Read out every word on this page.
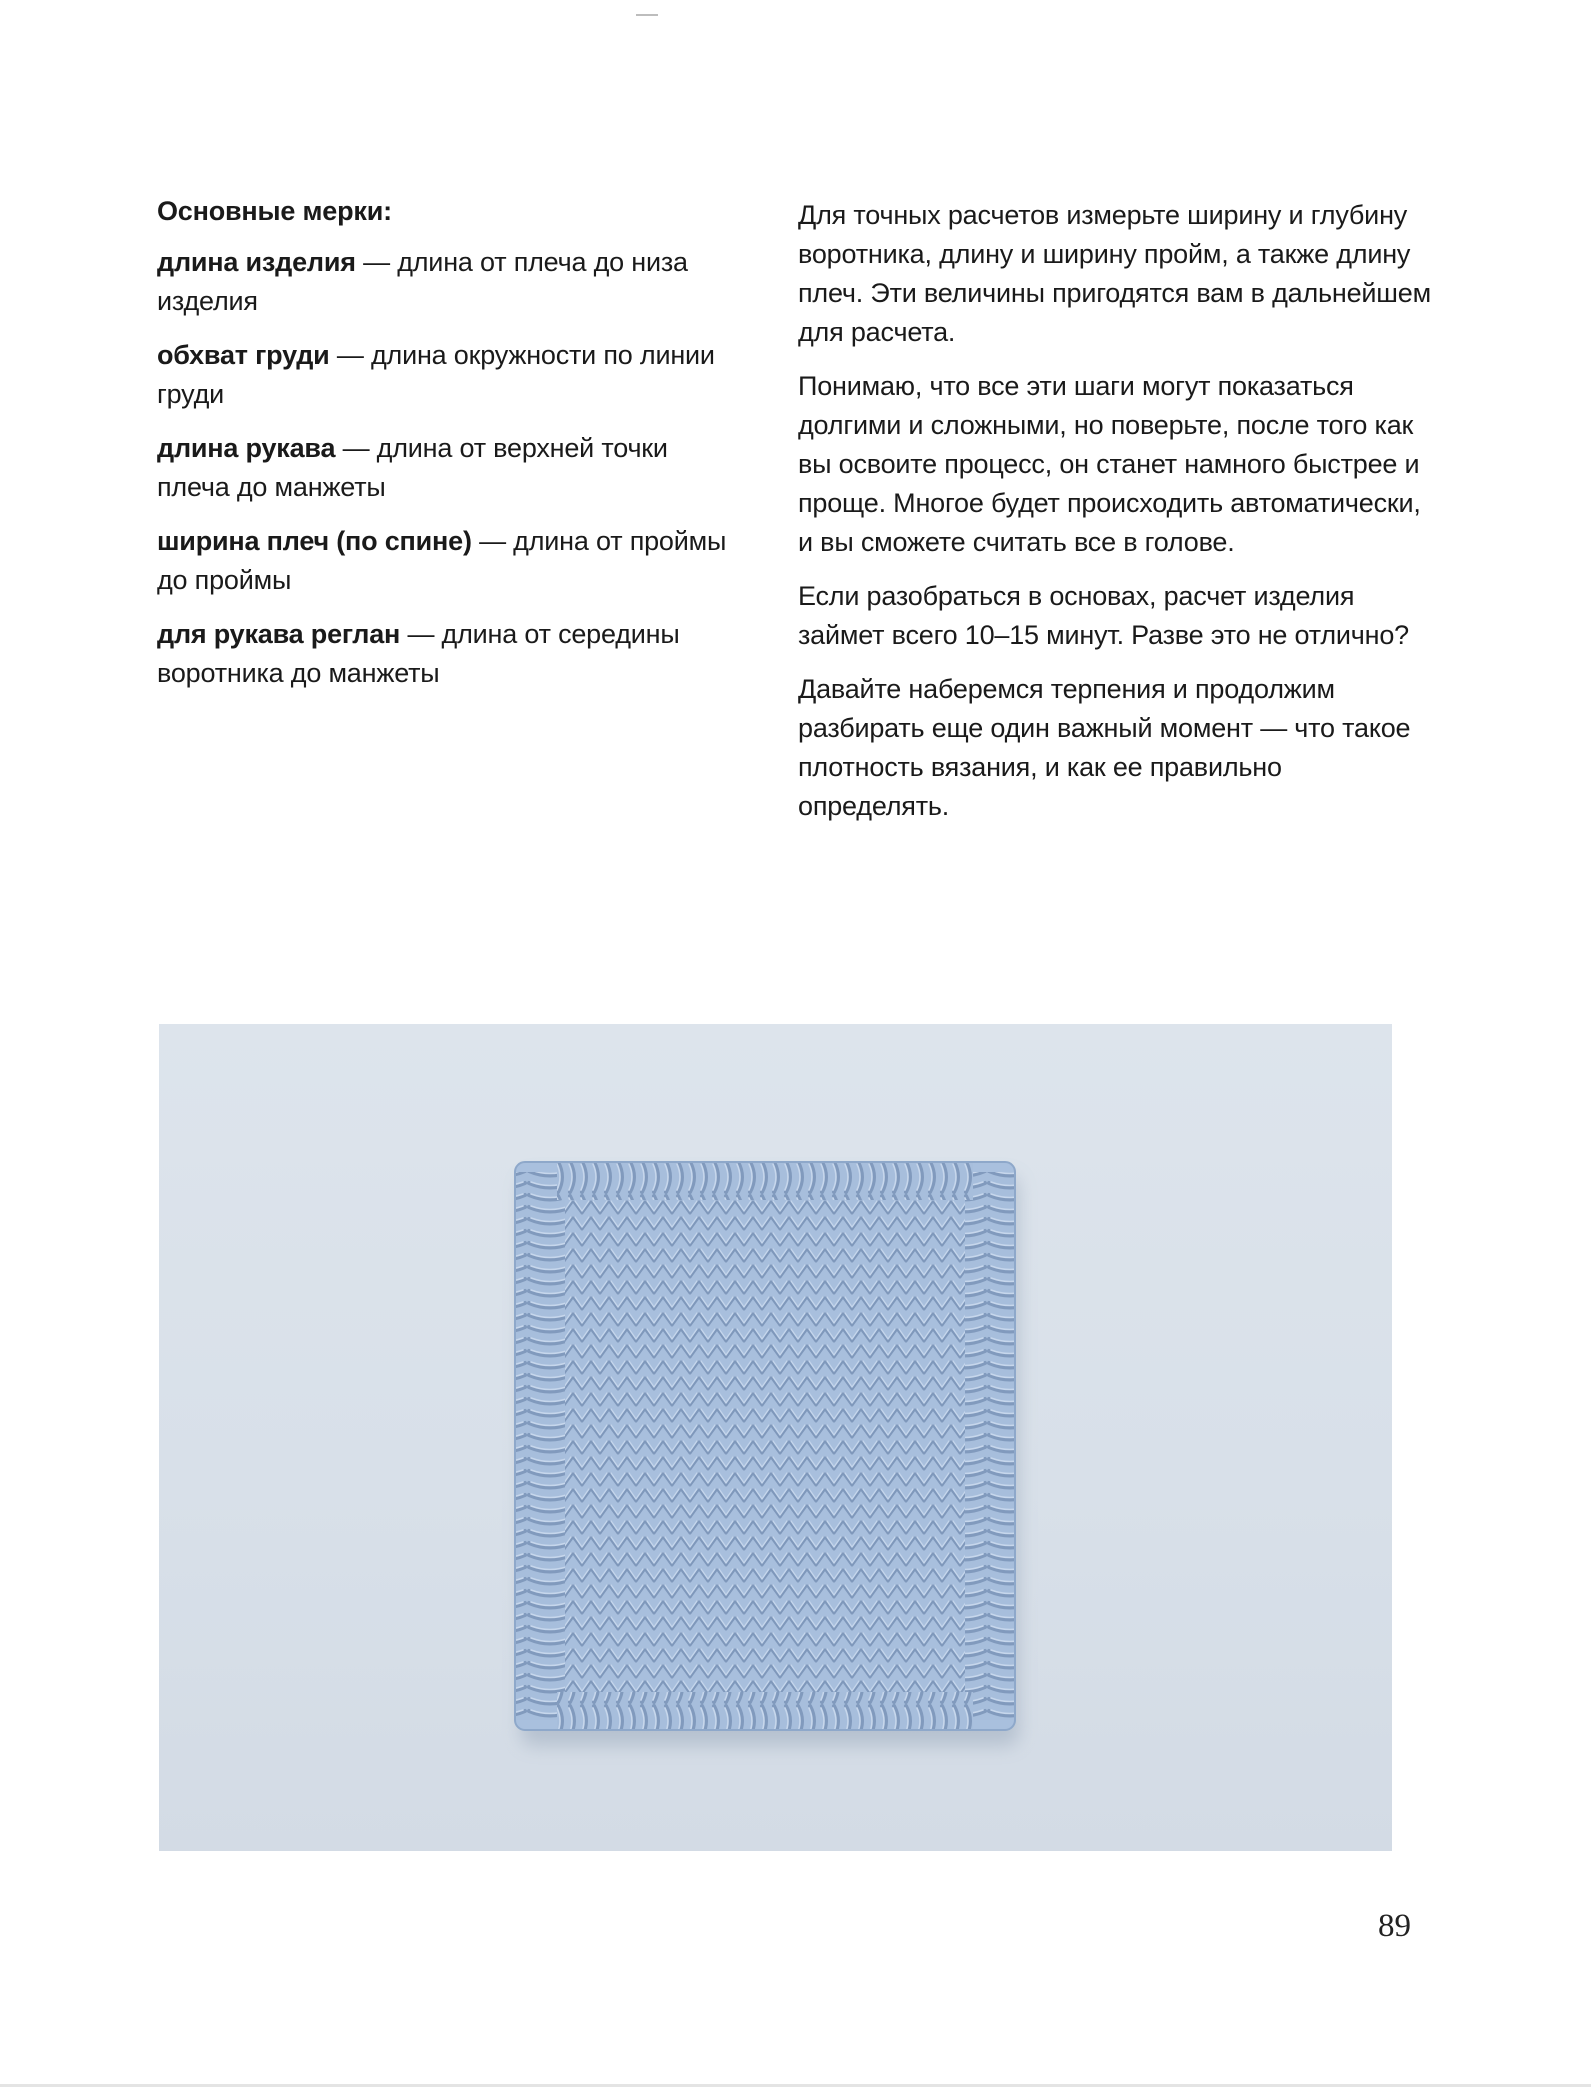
Основные мерки:

длина изделия — длина от плеча до низа изделия

обхват груди — длина окружности по линии груди

длина рукава — длина от верхней точки плеча до манжеты

ширина плеч (по спине) — длина от проймы до проймы

для рукава реглан — длина от середины воротника до манжеты

Для точных расчетов измерьте ширину и глубину воротника, длину и ширину пройм, а также длину плеч. Эти величины пригодятся вам в дальнейшем для расчета.

Понимаю, что все эти шаги могут показаться долгими и сложными, но поверьте, после того как вы освоите процесс, он станет намного быстрее и проще. Многое будет происходить автоматически, и вы сможете считать все в голове.

Если разобраться в основах, расчет изделия займет всего 10–15 минут. Разве это не отлично?

Давайте наберемся терпения и продолжим разбирать еще один важный момент — что такое плотность вязания, и как ее правильно определять.

89
